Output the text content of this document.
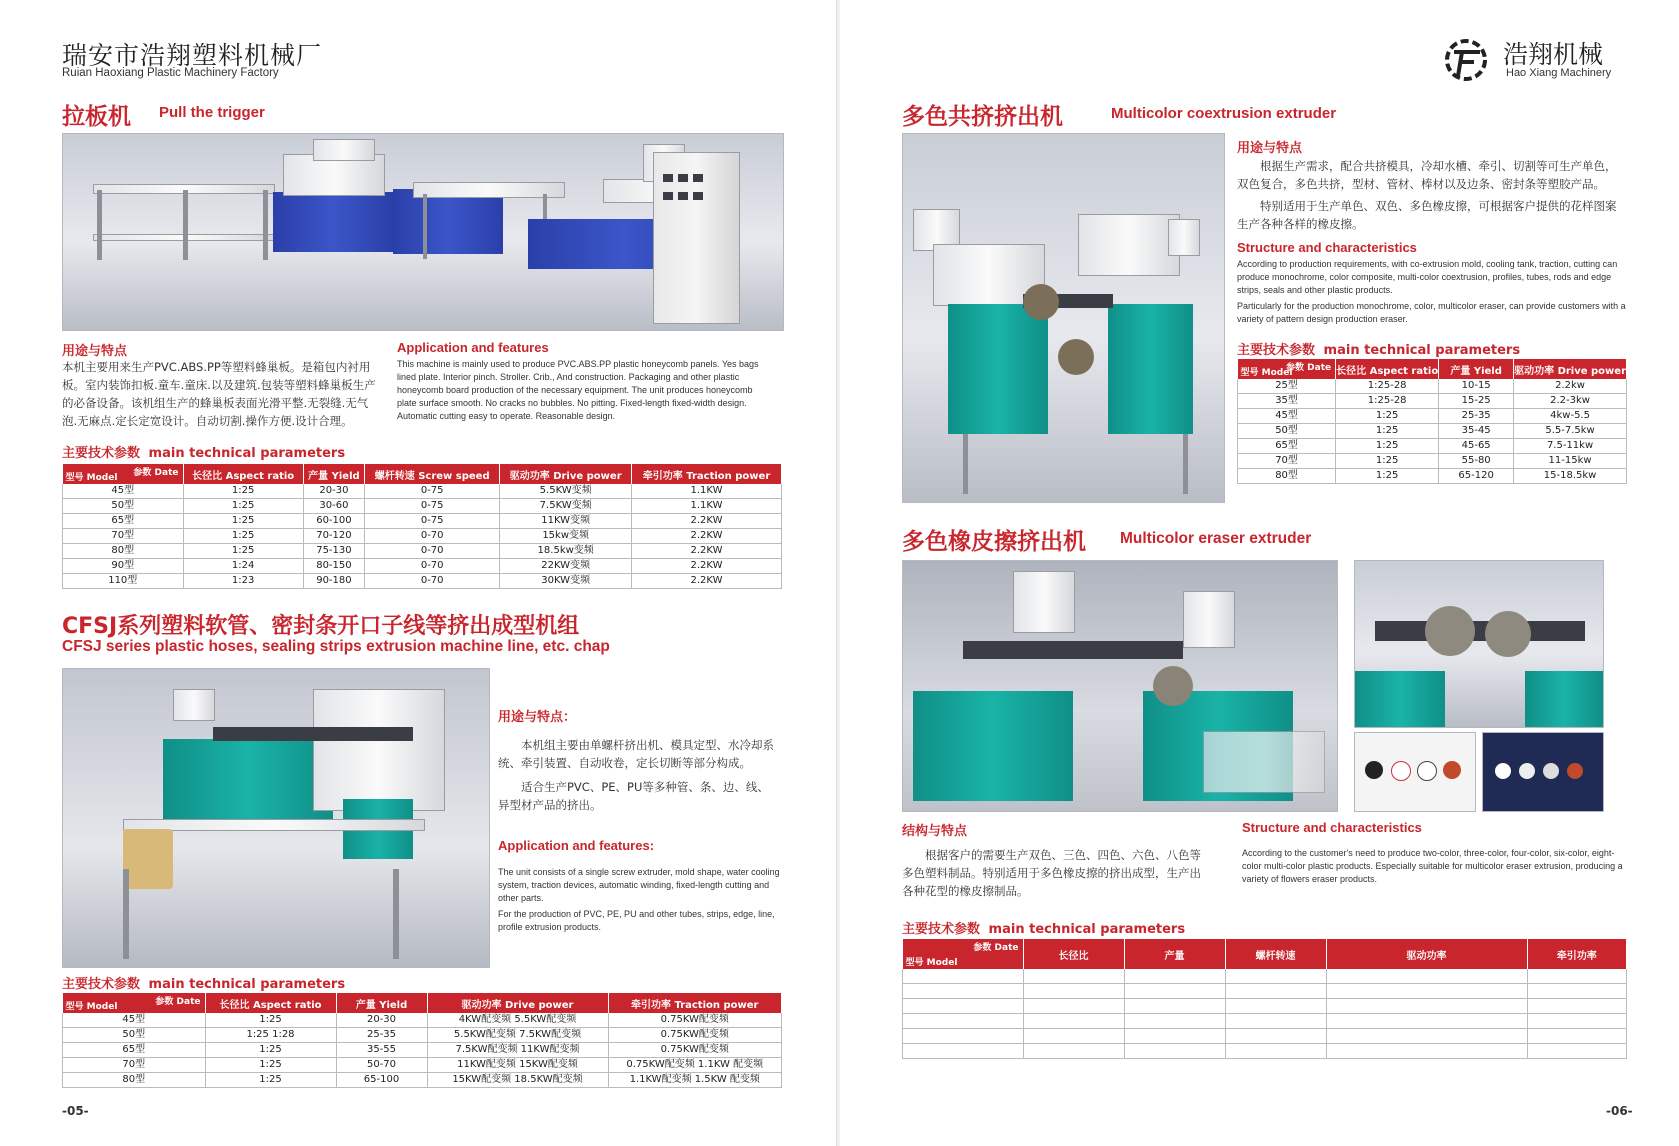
瑞安市浩翔塑料机械厂
Ruian Haoxiang Plastic Machinery Factory
拉板机 Pull the trigger
用途与特点
本机主要用来生产PVC.ABS.PP等塑料蜂巢板。是箱包内衬用板。室内装饰扣板.童车.童床.以及建筑.包装等塑料蜂巢板生产的必备设备。该机组生产的蜂巢板表面光滑平整.无裂缝.无气泡.无麻点.定长定宽设计。自动切割.操作方便.设计合理。
Application and features
This machine is mainly used to produce PVC.ABS.PP plastic honeycomb panels. Yes bags lined plate. Interior pinch. Stroller. Crib., And construction. Packaging and other plastic honeycomb board production of the necessary equipment. The unit produces honeycomb plate surface smooth. No cracks no bubbles. No pitting. Fixed-length fixed-width design. Automatic cutting easy to operate. Reasonable design.
主要技术参数 main technical parameters
参数 Date
型号 Model	长径比 Aspect ratio	产量 Yield	螺杆转速 Screw speed	驱动功率 Drive power	牵引功率 Traction power
45型	1:25	20-30	0-75	5.5KW变频	1.1KW
50型	1:25	30-60	0-75	7.5KW变频	1.1KW
65型	1:25	60-100	0-75	11KW变频	2.2KW
70型	1:25	70-120	0-70	15kw变频	2.2KW
80型	1:25	75-130	0-70	18.5kw变频	2.2KW
90型	1:24	80-150	0-70	22KW变频	2.2KW
110型	1:23	90-180	0-70	30KW变频	2.2KW
CFSJ系列塑料软管、密封条开口子线等挤出成型机组
CFSJ series plastic hoses, sealing strips extrusion machine line, etc. chap
用途与特点：
本机组主要由单螺杆挤出机、模具定型、水冷却系统、牵引装置、自动收卷，定长切断等部分构成。
适合生产PVC、PE、PU等多种管、条、边、线、异型材产品的挤出。
Application and features:
The unit consists of a single screw extruder, mold shape, water cooling system, traction devices, automatic winding, fixed-length cutting and other parts.
For the production of PVC, PE, PU and other tubes, strips, edge, line, profile extrusion products.
主要技术参数 main technical parameters
参数 Date
型号 Model	长径比 Aspect ratio	产量 Yield	驱动功率 Drive power	牵引功率 Traction power
45型	1:25	20-30	4KW配变频 5.5KW配变频	0.75KW配变频
50型	1:25 1:28	25-35	5.5KW配变频 7.5KW配变频	0.75KW配变频
65型	1:25	35-55	7.5KW配变频 11KW配变频	0.75KW配变频
70型	1:25	50-70	11KW配变频 15KW配变频	0.75KW配变频 1.1KW 配变频
80型	1:25	65-100	15KW配变频 18.5KW配变频	1.1KW配变频 1.5KW 配变频
-05-
浩翔机械
Hao Xiang Machinery
多色共挤挤出机	Multicolor coextrusion extruder
用途与特点
根据生产需求，配合共挤模具，冷却水槽、牵引、切割等可生产单色，双色复合，多色共挤，型材、管材、棒材以及边条、密封条等塑胶产品。
特别适用于生产单色、双色、多色橡皮擦，可根据客户提供的花样图案生产各种各样的橡皮擦。
Structure and characteristics
According to production requirements, with co-extrusion mold, cooling tank, traction, cutting can produce monochrome, color composite, multi-color coextrusion, profiles, tubes, rods and edge strips, seals and other plastic products.
Particularly for the production monochrome, color, multicolor eraser, can provide customers with a variety of pattern design production eraser.
主要技术参数 main technical parameters
参数 Date
型号 Model	长径比 Aspect ratio	产量 Yield	驱动功率 Drive power
25型	1:25-28	10-15	2.2kw
35型	1:25-28	15-25	2.2-3kw
45型	1:25	25-35	4kw-5.5
50型	1:25	35-45	5.5-7.5kw
65型	1:25	45-65	7.5-11kw
70型	1:25	55-80	11-15kw
80型	1:25	65-120	15-18.5kw
多色橡皮擦挤出机 Multicolor eraser extruder
结构与特点
根据客户的需要生产双色、三色、四色、六色、八色等多色塑料制品。特别适用于多色橡皮擦的挤出成型，生产出各种花型的橡皮擦制品。
Structure and characteristics
According to the customer's need to produce two-color, three-color, four-color, six-color, eight-color multi-color plastic products. Especially suitable for multicolor eraser extrusion, producing a variety of flowers eraser products.
主要技术参数 main technical parameters
参数 Date
型号 Model	长径比	产量	螺杆转速	驱动功率	牵引功率

-06-
